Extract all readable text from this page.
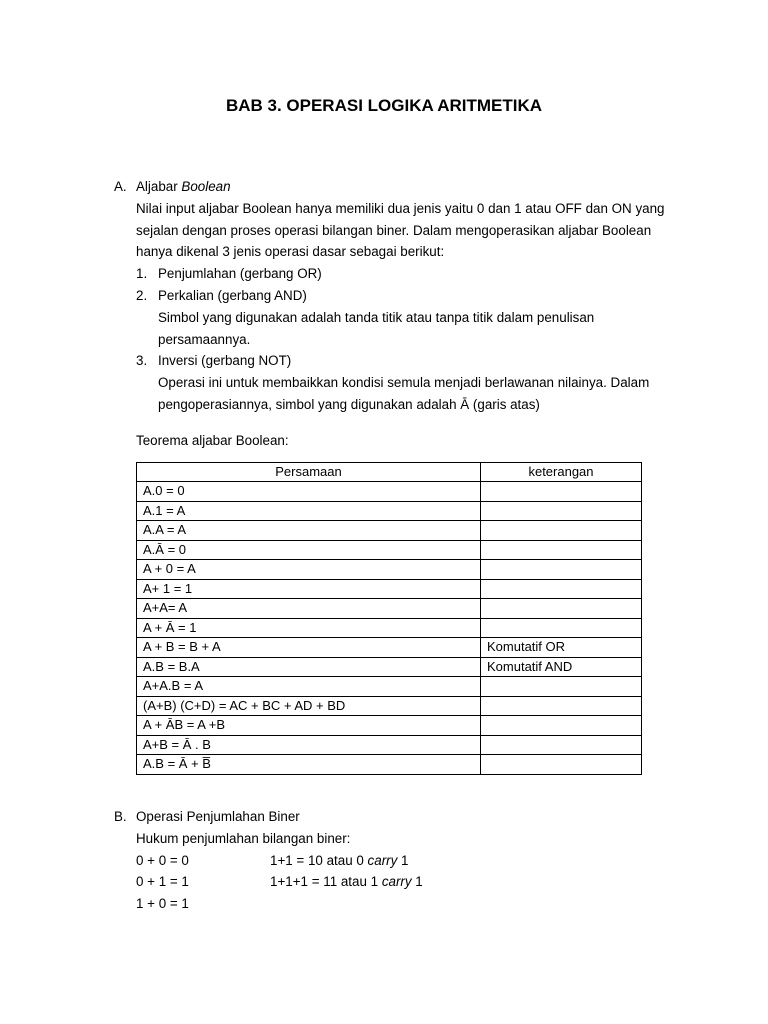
BAB 3. OPERASI LOGIKA ARITMETIKA
A. Aljabar Boolean
Nilai input aljabar Boolean hanya memiliki dua jenis yaitu 0 dan 1 atau OFF dan ON yang
sejalan dengan proses operasi bilangan biner. Dalam mengoperasikan aljabar Boolean
hanya dikenal 3 jenis operasi dasar sebagai berikut:
1. Penjumlahan (gerbang OR)
2. Perkalian (gerbang AND)
Simbol yang digunakan adalah tanda titik atau tanpa titik dalam penulisan
persamaannya.
3. Inversi (gerbang NOT)
Operasi ini untuk membaikkan kondisi semula menjadi berlawanan nilainya. Dalam
pengoperasiannya, simbol yang digunakan adalah Ā (garis atas)
Teorema aljabar Boolean:
Persamaan	keterangan
A.0 = 0	
A.1 = A	
A.A = A	
A.Ā = 0	
A + 0 = A	
A+ 1 = 1	
A+A= A	
A + Ā = 1	
A + B = B + A	Komutatif OR
A.B = B.A	Komutatif AND
A+A.B = A	
(A+B) (C+D) = AC + BC + AD + BD	
A + ĀB = A +B	
A+B = Ā . B	
A.B = Ā + B̅	
B. Operasi Penjumlahan Biner
Hukum penjumlahan bilangan biner:
0 + 0 = 0	1+1 = 10 atau 0 carry 1
0 + 1 = 1	1+1+1 = 11 atau 1 carry 1
1 + 0 = 1
